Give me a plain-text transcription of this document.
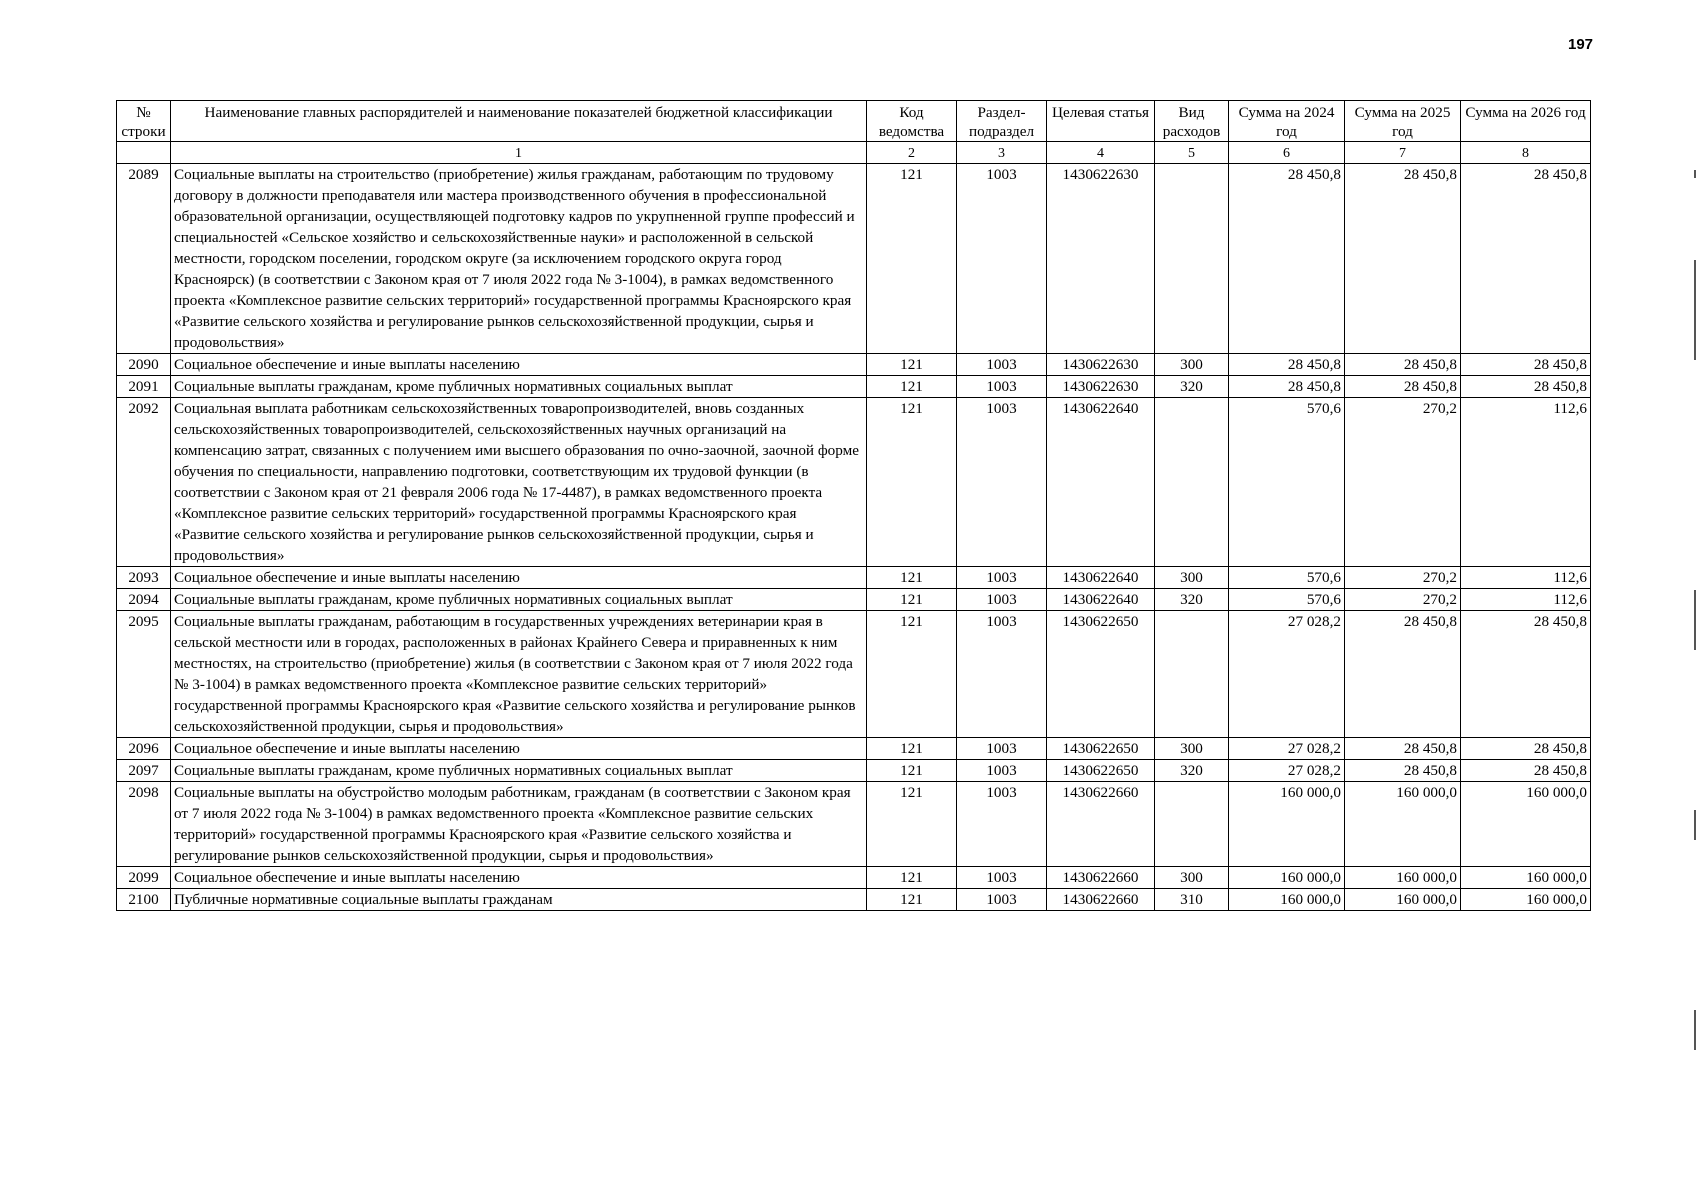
197
№ строки	Наименование главных распорядителей и наименование показателей бюджетной классификации	Код ведомства	Раздел-подраздел	Целевая статья	Вид расходов	Сумма на 2024 год	Сумма на 2025 год	Сумма на 2026 год
	1	2	3	4	5	6	7	8
2089	Социальные выплаты на строительство (приобретение) жилья гражданам, работающим по трудовому договору в должности преподавателя или мастера производственного обучения в профессиональной образовательной организации, осуществляющей подготовку кадров по укрупненной группе профессий и специальностей «Сельское хозяйство и сельскохозяйственные науки» и расположенной в сельской местности, городском поселении, городском округе (за исключением городского округа город Красноярск) (в соответствии с Законом края от 7 июля 2022 года № 3-1004), в рамках ведомственного проекта «Комплексное развитие сельских территорий» государственной программы Красноярского края «Развитие сельского хозяйства и регулирование рынков сельскохозяйственной продукции, сырья и продовольствия»	121	1003	1430622630		28 450,8	28 450,8	28 450,8
2090	Социальное обеспечение и иные выплаты населению	121	1003	1430622630	300	28 450,8	28 450,8	28 450,8
2091	Социальные выплаты гражданам, кроме публичных нормативных социальных выплат	121	1003	1430622630	320	28 450,8	28 450,8	28 450,8
2092	Социальная выплата работникам сельскохозяйственных товаропроизводителей, вновь созданных сельскохозяйственных товаропроизводителей, сельскохозяйственных научных организаций на компенсацию затрат, связанных с получением ими высшего образования по очно-заочной, заочной форме обучения по специальности, направлению подготовки, соответствующим их трудовой функции (в соответствии с Законом края от 21 февраля 2006 года № 17-4487), в рамках ведомственного проекта «Комплексное развитие сельских территорий» государственной программы Красноярского края «Развитие сельского хозяйства и регулирование рынков сельскохозяйственной продукции, сырья и продовольствия»	121	1003	1430622640		570,6	270,2	112,6
2093	Социальное обеспечение и иные выплаты населению	121	1003	1430622640	300	570,6	270,2	112,6
2094	Социальные выплаты гражданам, кроме публичных нормативных социальных выплат	121	1003	1430622640	320	570,6	270,2	112,6
2095	Социальные выплаты гражданам, работающим в государственных учреждениях ветеринарии края в сельской местности или в городах, расположенных в районах Крайнего Севера и приравненных к ним местностях, на строительство (приобретение) жилья (в соответствии с Законом края от 7 июля 2022 года № 3-1004) в рамках ведомственного проекта «Комплексное развитие сельских территорий» государственной программы Красноярского края «Развитие сельского хозяйства и регулирование рынков сельскохозяйственной продукции, сырья и продовольствия»	121	1003	1430622650		27 028,2	28 450,8	28 450,8
2096	Социальное обеспечение и иные выплаты населению	121	1003	1430622650	300	27 028,2	28 450,8	28 450,8
2097	Социальные выплаты гражданам, кроме публичных нормативных социальных выплат	121	1003	1430622650	320	27 028,2	28 450,8	28 450,8
2098	Социальные выплаты на обустройство молодым работникам, гражданам (в соответствии с Законом края от 7 июля 2022 года № 3-1004) в рамках ведомственного проекта «Комплексное развитие сельских территорий» государственной программы Красноярского края «Развитие сельского хозяйства и регулирование рынков сельскохозяйственной продукции, сырья и продовольствия»	121	1003	1430622660		160 000,0	160 000,0	160 000,0
2099	Социальное обеспечение и иные выплаты населению	121	1003	1430622660	300	160 000,0	160 000,0	160 000,0
2100	Публичные нормативные социальные выплаты гражданам	121	1003	1430622660	310	160 000,0	160 000,0	160 000,0
